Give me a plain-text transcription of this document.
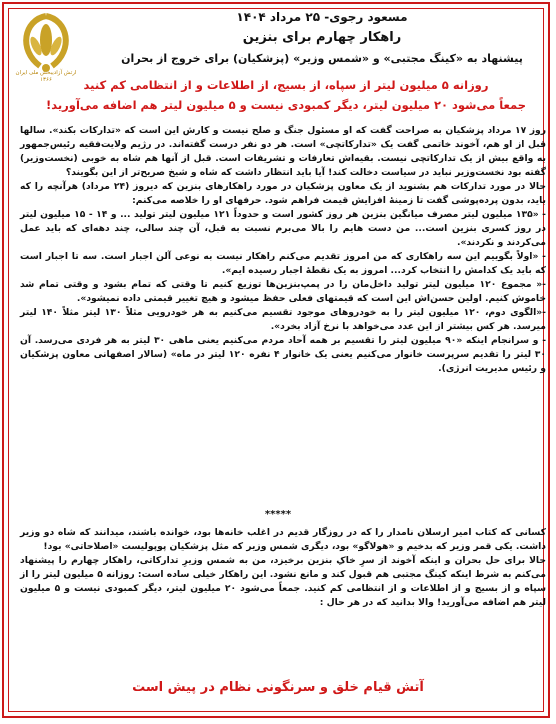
ارتش آزادیبخش ملی ایران
۱۳۶۶
مسعود رجوی- ۲۵ مرداد ۱۴۰۴
راهکار چهارم برای بنزین
پیشنهاد به «کینگ مجتبی» و «شمس وزیر» (پزشکیان) برای خروج از بحران
روزانه ۵ میلیون لیتر از سپاه، از بسیج، از اطلاعات و از انتظامی کم کنید
جمعاً می‌شود ۲۰ میلیون لیتر، دیگر کمبودی نیست و ۵ میلیون لیتر هم اضافه می‌آورید!

روز ۱۷ مرداد پزشکیان به صراحت گفت که او مسئول جنگ و صلح نیست و کارش این است که «تدارکات بکند». سالها قبل از او هم، آخوند خاتمی گفت یک «تدارکاتچی» است. هر دو نفر درست گفته‌اند. در رژیم ولایت‌فقیه رئیس‌جمهور به واقع بیش از یک تدارکاتچی نیست. بقیه‌اش تعارفات و تشریفات است. قبل از آنها هم شاه به خوبی (نخست‌وزیر) گفته بود نخست‌وزیر نباید در سیاست دخالت کند! آیا باید انتظار داشت که شاه و شیخ صریح‌تر از این بگویند؟

حالا در مورد تدارکات هم بشنوید از یک معاون پزشکیان در مورد راهکارهای بنزین که دیروز (۲۴ مرداد) هرآنچه را که باید، بدون پرده‌پوشی گفت تا زمینهٔ افزایش قیمت فراهم شود. حرفهای او را خلاصه می‌کنم:

- «۱۳۵ میلیون لیتر مصرف میانگین بنزین هر روز کشور است و حدوداً ۱۲۱ میلیون لیتر تولید ... و ۱۴ - ۱۵ میلیون لیتر در روز کسری بنزین است... من دست هایم را بالا می‌برم نسبت به قبل، آن چند سالی، چند دهه‌ای که باید عمل می‌کردند و نکردند».

- «اولاً بگوییم این سه راهکاری که من امروز تقدیم می‌کنم راهکار نیست به نوعی آلن اجبار است. سه تا اجبار است که باید یک کدامش را انتخاب کرد... امروز به یک نقطهٔ اجبار رسیده ایم».

-« مجموع ۱۲۰ میلیون لیتر تولید داخل‌مان را در پمپ‌بنزین‌ها توزیع کنیم تا وقتی که تمام بشود و وقتی تمام شد خاموش کنیم. اولین حسن‌اش این است که قیمتهای فعلی حفظ میشود و هیچ تغییر قیمتی داده نمیشود».

-«الگوی دوم، ۱۲۰ میلیون لیتر را به خودروهای موجود تقسیم می‌کنیم به هر خودرویی مثلاً ۱۳۰ لیتر مثلاً ۱۴۰ لیتر میرسد. هر کس بیشتر از این عدد می‌خواهد با نرخ آزاد بخرد».

- و سرانجام اینکه «۹۰ میلیون لیتر را تقسیم بر همه آحاد مردم می‌کنیم یعنی ماهی ۳۰ لیتر به هر فردی می‌رسد. آن ۳۰ لیتر را تقدیم سرپرست خانوار می‌کنیم یعنی یک خانوار ۴ نفره ۱۲۰ لیتر در ماه» (سالار اصفهانی معاون پزشکیان و رئیس مدیریت انرژی).

*****

کسانی که کتاب امیر ارسلان نامدار را که در روزگار قدیم در اغلب خانه‌ها بود، خوانده باشند، میدانند که شاه دو وزیر داشت. یکی قمر وزیر که بدخیم و «هولاگو» بود، دیگری شمس وزیر که مثل پزشکیان پوپولیست «اصلاحاتی» بود!

حالا برای حل بحران و اینکه آخوند از سرِ خاکِ بنزین برخیزد، من به شمس وزیرِ تدارکاتی، راهکار چهارم را پیشنهاد می‌کنم به شرط اینکه کینگ مجتبی هم قبول کند و مانع نشود. این راهکار خیلی ساده است: روزانه ۵ میلیون لیتر را از سپاه و از بسیج و از اطلاعات و از انتظامی کم کنید. جمعاً می‌شود ۲۰ میلیون لیتر، دیگر کمبودی نیست و ۵ میلیون لیتر هم اضافه می‌آورید! والا بدانید که در هر حال :

آتش قیام خلق و سرنگونی نظام در پیش است
